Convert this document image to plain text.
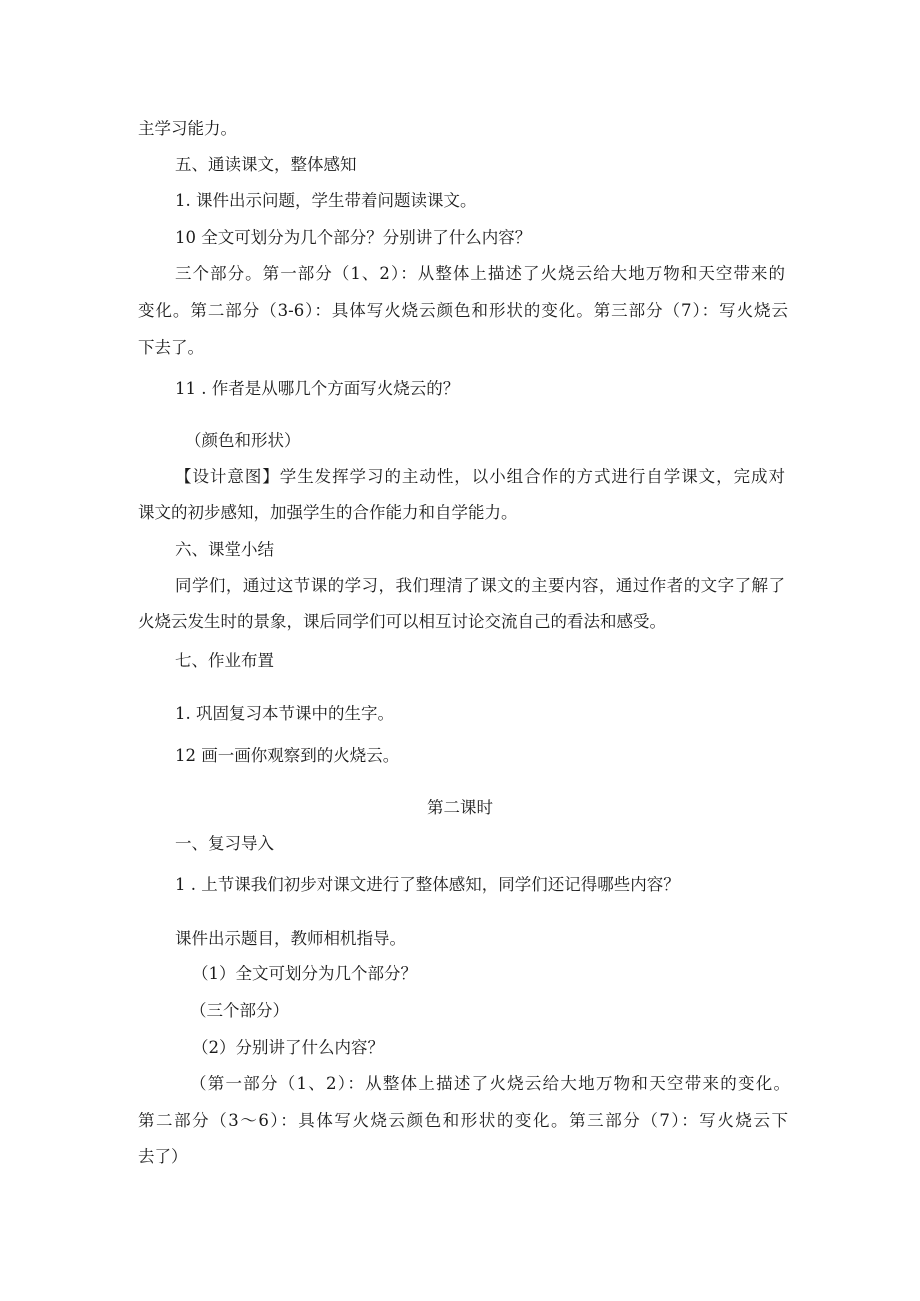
主学习能力。

五、通读课文，整体感知

1. 课件出示问题，学生带着问题读课文。

10 全文可划分为几个部分？分别讲了什么内容？

三个部分。第一部分（1、2）：从整体上描述了火烧云给大地万物和天空带来的

变化。第二部分（3-6）：具体写火烧云颜色和形状的变化。第三部分（7）：写火烧云

下去了。

11 . 作者是从哪几个方面写火烧云的？

（颜色和形状）

【设计意图】学生发挥学习的主动性，以小组合作的方式进行自学课文，完成对

课文的初步感知，加强学生的合作能力和自学能力。

六、课堂小结

同学们，通过这节课的学习，我们理清了课文的主要内容，通过作者的文字了解了

火烧云发生时的景象，课后同学们可以相互讨论交流自己的看法和感受。

七、作业布置

1. 巩固复习本节课中的生字。

12 画一画你观察到的火烧云。

第二课时

一、复习导入

1 . 上节课我们初步对课文进行了整体感知，同学们还记得哪些内容？

课件出示题目，教师相机指导。

（1）全文可划分为几个部分？

（三个部分）

（2）分别讲了什么内容？

（第一部分（1、2）：从整体上描述了火烧云给大地万物和天空带来的变化。

第二部分（3～6）：具体写火烧云颜色和形状的变化。第三部分（7）：写火烧云下

去了）
